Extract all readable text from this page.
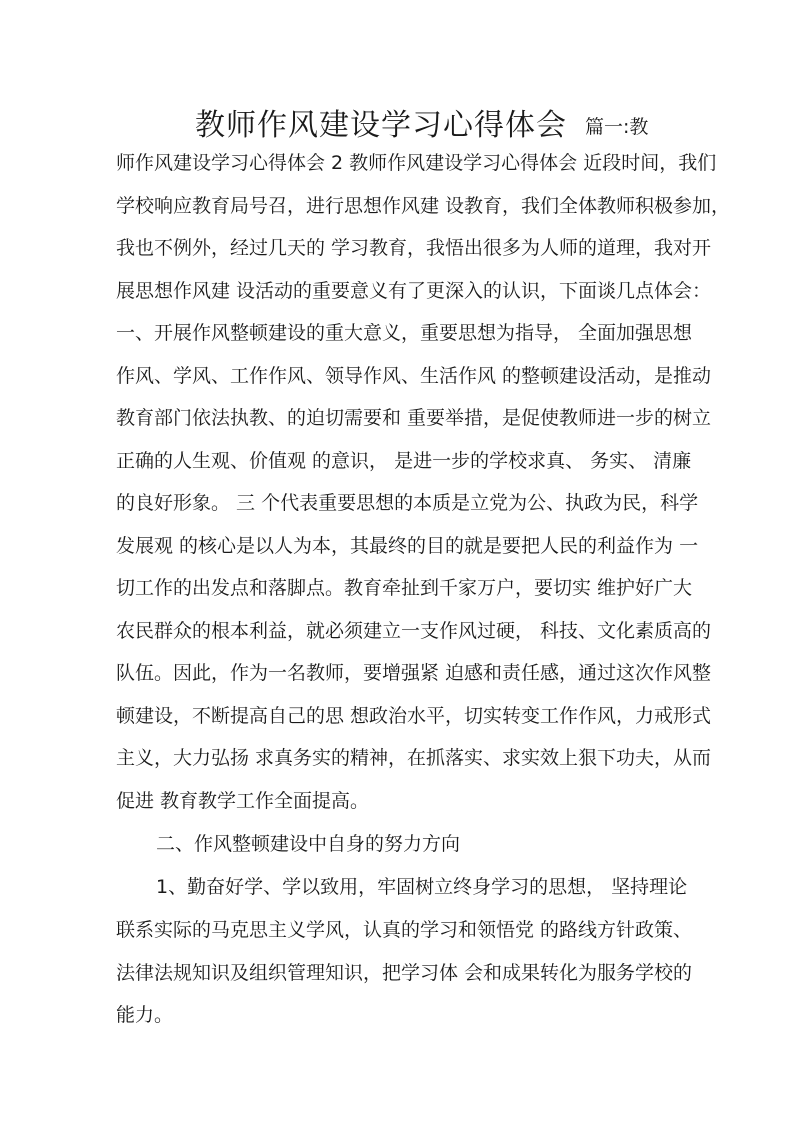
教师作风建设学习心得体会 篇一:教
师作风建设学习心得体会 2 教师作风建设学习心得体会 近段时间，我们
学校响应教育局号召，进行思想作风建 设教育，我们全体教师积极参加，
我也不例外，经过几天的 学习教育，我悟出很多为人师的道理，我对开
展思想作风建 设活动的重要意义有了更深入的认识，下面谈几点体会：
一、开展作风整顿建设的重大意义，重要思想为指导， 全面加强思想
作风、学风、工作作风、领导作风、生活作风 的整顿建设活动，是推动
教育部门依法执教、的迫切需要和 重要举措，是促使教师进一步的树立
正确的人生观、价值观 的意识， 是进一步的学校求真、 务实、 清廉
的良好形象。 三 个代表重要思想的本质是立党为公、执政为民，科学
发展观 的核心是以人为本，其最终的目的就是要把人民的利益作为 一
切工作的出发点和落脚点。教育牵扯到千家万户，要切实 维护好广大
农民群众的根本利益，就必须建立一支作风过硬， 科技、文化素质高的
队伍。因此，作为一名教师，要增强紧 迫感和责任感，通过这次作风整
顿建设，不断提高自己的思 想政治水平，切实转变工作作风，力戒形式
主义，大力弘扬 求真务实的精神，在抓落实、求实效上狠下功夫，从而
促进 教育教学工作全面提高。
二、作风整顿建设中自身的努力方向
1、勤奋好学、学以致用，牢固树立终身学习的思想， 坚持理论
联系实际的马克思主义学风，认真的学习和领悟党 的路线方针政策、
法律法规知识及组织管理知识，把学习体 会和成果转化为服务学校的
能力。
